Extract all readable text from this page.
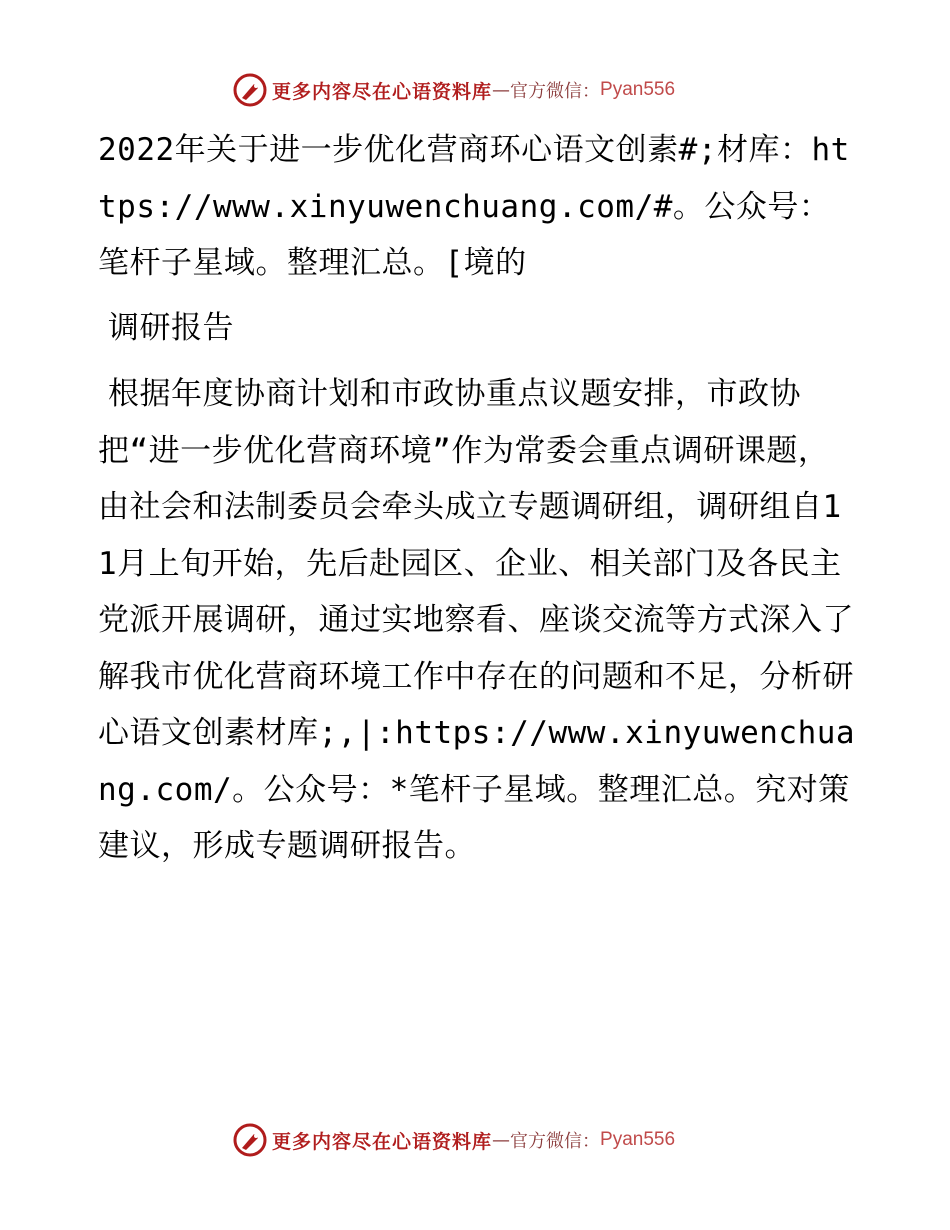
更多内容尽在心语资料库 — 官方微信： Pyan556

2022年关于进一步优化营商环心语文创素#;材库：https://www.xinyuwenchuang.com/#。公众号：笔杆子星域。整理汇总。[境的

调研报告

根据年度协商计划和市政协重点议题安排，市政协把“进一步优化营商环境”作为常委会重点调研课题，由社会和法制委员会牵头成立专题调研组，调研组自11月上旬开始，先后赴园区、企业、相关部门及各民主党派开展调研，通过实地察看、座谈交流等方式深入了解我市优化营商环境工作中存在的问题和不足，分析研心语文创素材库;,|:https://www.xinyuwenchuang.com/。公众号：*笔杆子星域。整理汇总。究对策建议，形成专题调研报告。

更多内容尽在心语资料库 — 官方微信： Pyan556
